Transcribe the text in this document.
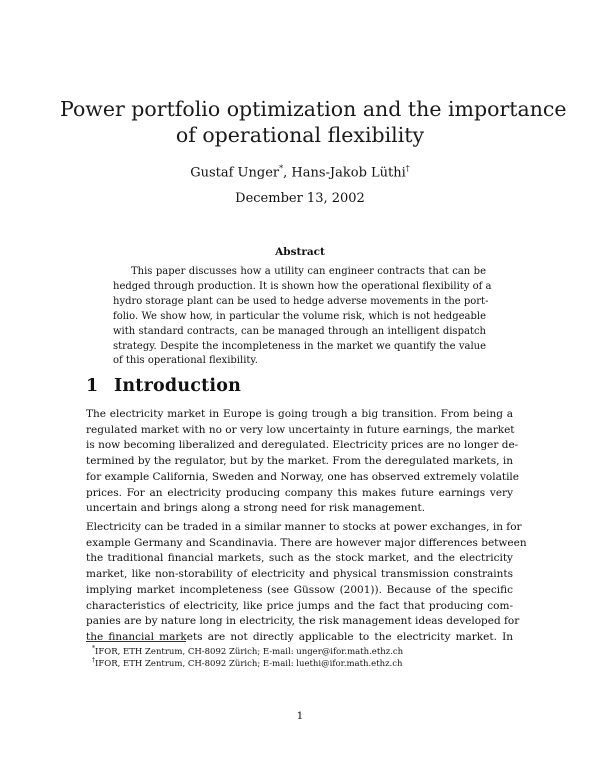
Power portfolio optimization and the importance
of operational flexibility
Gustaf Unger*, Hans-Jakob Lüthi†
December 13, 2002
Abstract
This paper discusses how a utility can engineer contracts that can be
hedged through production. It is shown how the operational flexibility of a
hydro storage plant can be used to hedge adverse movements in the port-
folio. We show how, in particular the volume risk, which is not hedgeable
with standard contracts, can be managed through an intelligent dispatch
strategy. Despite the incompleteness in the market we quantify the value
of this operational flexibility.
1 Introduction
The electricity market in Europe is going trough a big transition. From being a
regulated market with no or very low uncertainty in future earnings, the market
is now becoming liberalized and deregulated. Electricity prices are no longer de-
termined by the regulator, but by the market. From the deregulated markets, in
for example California, Sweden and Norway, one has observed extremely volatile
prices. For an electricity producing company this makes future earnings very
uncertain and brings along a strong need for risk management.
Electricity can be traded in a similar manner to stocks at power exchanges, in for
example Germany and Scandinavia. There are however major differences between
the traditional financial markets, such as the stock market, and the electricity
market, like non-storability of electricity and physical transmission constraints
implying market incompleteness (see Güssow (2001)). Because of the specific
characteristics of electricity, like price jumps and the fact that producing com-
panies are by nature long in electricity, the risk management ideas developed for
the financial markets are not directly applicable to the electricity market. In
*IFOR, ETH Zentrum, CH-8092 Zürich; E-mail: unger@ifor.math.ethz.ch
†IFOR, ETH Zentrum, CH-8092 Zürich; E-mail: luethi@ifor.math.ethz.ch
1
